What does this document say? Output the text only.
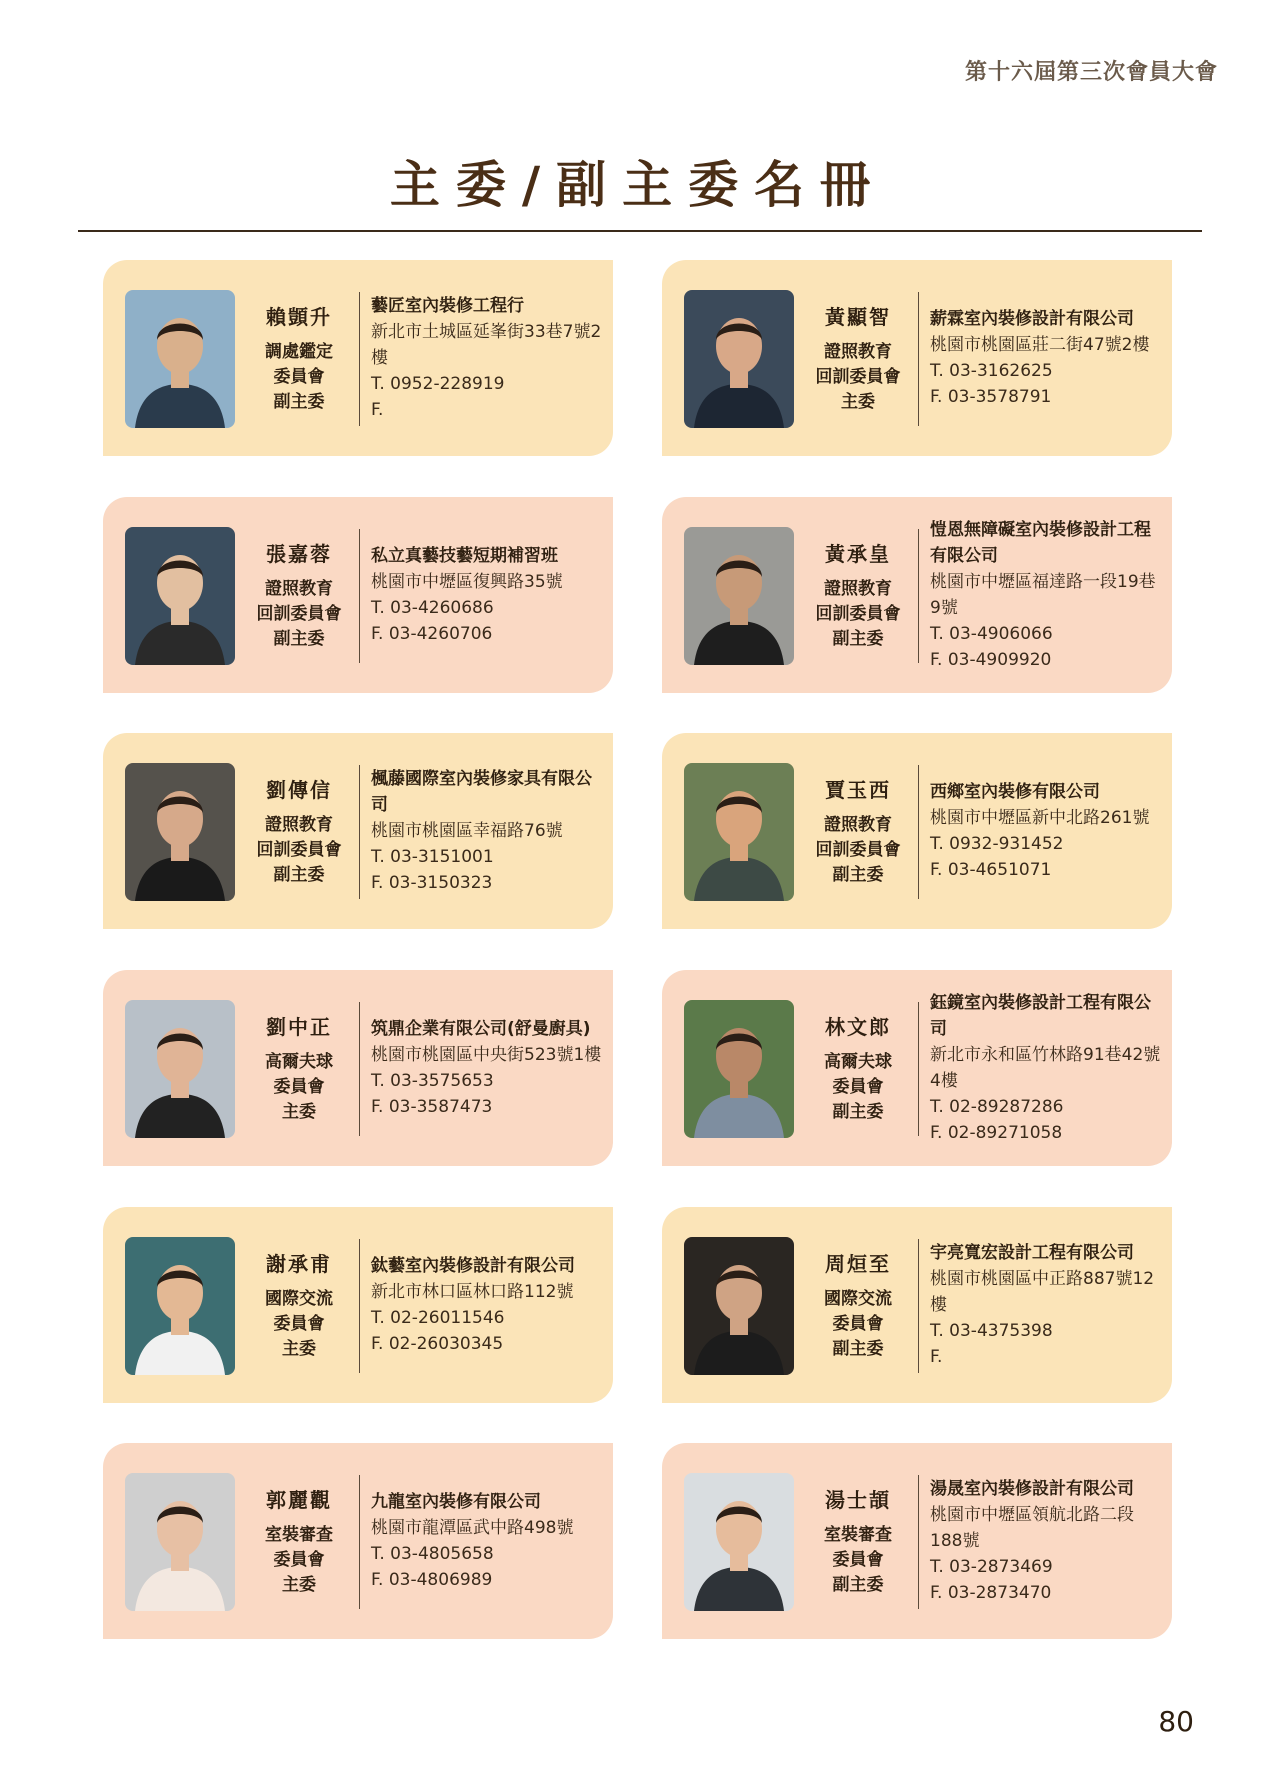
第十六屆第三次會員大會
主委/副主委名冊
賴顗升
調處鑑定
委員會
副主委
藝匠室內裝修工程行
新北市土城區延峯街33巷7號2樓
T. 0952-228919
F.
黃顯智
證照教育
回訓委員會
主委
薪霖室內裝修設計有限公司
桃園市桃園區莊二街47號2樓
T. 03-3162625
F. 03-3578791
張嘉蓉
證照教育
回訓委員會
副主委
私立真藝技藝短期補習班
桃園市中壢區復興路35號
T. 03-4260686
F. 03-4260706
黃承皇
證照教育
回訓委員會
副主委
愷恩無障礙室內裝修設計工程有限公司
桃園市中壢區福達路一段19巷9號
T. 03-4906066
F. 03-4909920
劉傳信
證照教育
回訓委員會
副主委
楓藤國際室內裝修家具有限公司
桃園市桃園區幸福路76號
T. 03-3151001
F. 03-3150323
賈玉西
證照教育
回訓委員會
副主委
西鄉室內裝修有限公司
桃園市中壢區新中北路261號
T. 0932-931452
F. 03-4651071
劉中正
高爾夫球
委員會
主委
筑鼎企業有限公司(舒曼廚具)
桃園市桃園區中央街523號1樓
T. 03-3575653
F. 03-3587473
林文郎
高爾夫球
委員會
副主委
鈺鏡室內裝修設計工程有限公司
新北市永和區竹林路91巷42號4樓
T. 02-89287286
F. 02-89271058
謝承甫
國際交流
委員會
主委
鈦藝室內裝修設計有限公司
新北市林口區林口路112號
T. 02-26011546
F. 02-26030345
周烜至
國際交流
委員會
副主委
宇亮寬宏設計工程有限公司
桃園市桃園區中正路887號12樓
T. 03-4375398
F.
郭麗觀
室裝審查
委員會
主委
九龍室內裝修有限公司
桃園市龍潭區武中路498號
T. 03-4805658
F. 03-4806989
湯士頡
室裝審查
委員會
副主委
湯晟室內裝修設計有限公司
桃園市中壢區領航北路二段188號
T. 03-2873469
F. 03-2873470
80
